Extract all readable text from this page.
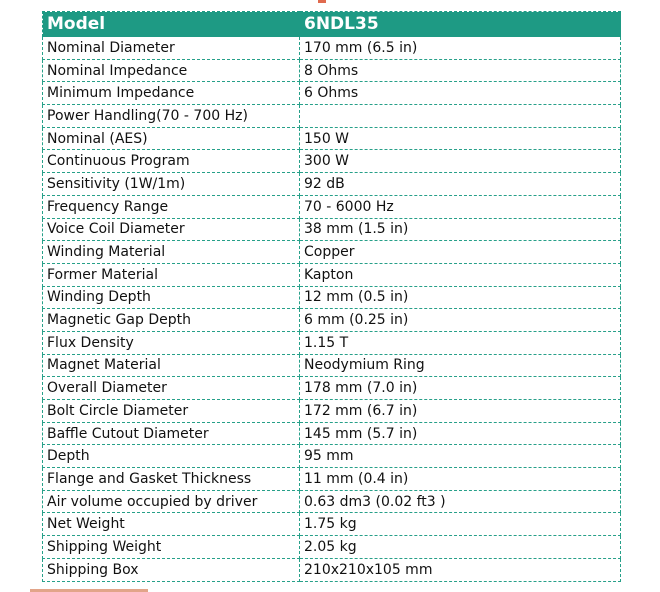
Model	6NDL35
Nominal Diameter	170 mm (6.5 in)
Nominal Impedance	8 Ohms
Minimum Impedance	6 Ohms
Power Handling(70 - 700 Hz)	
Nominal (AES)	150 W
Continuous Program	300 W
Sensitivity (1W/1m)	92 dB
Frequency Range	70 - 6000 Hz
Voice Coil Diameter	38 mm (1.5 in)
Winding Material	Copper
Former Material	Kapton
Winding Depth	12 mm (0.5 in)
Magnetic Gap Depth	6 mm (0.25 in)
Flux Density	1.15 T
Magnet Material	Neodymium Ring
Overall Diameter	178 mm (7.0 in)
Bolt Circle Diameter	172 mm (6.7 in)
Baffle Cutout Diameter	145 mm (5.7 in)
Depth	95 mm
Flange and Gasket Thickness	11 mm (0.4 in)
Air volume occupied by driver	0.63 dm3 (0.02 ft3 )
Net Weight	1.75 kg
Shipping Weight	2.05 kg
Shipping Box	210x210x105 mm
